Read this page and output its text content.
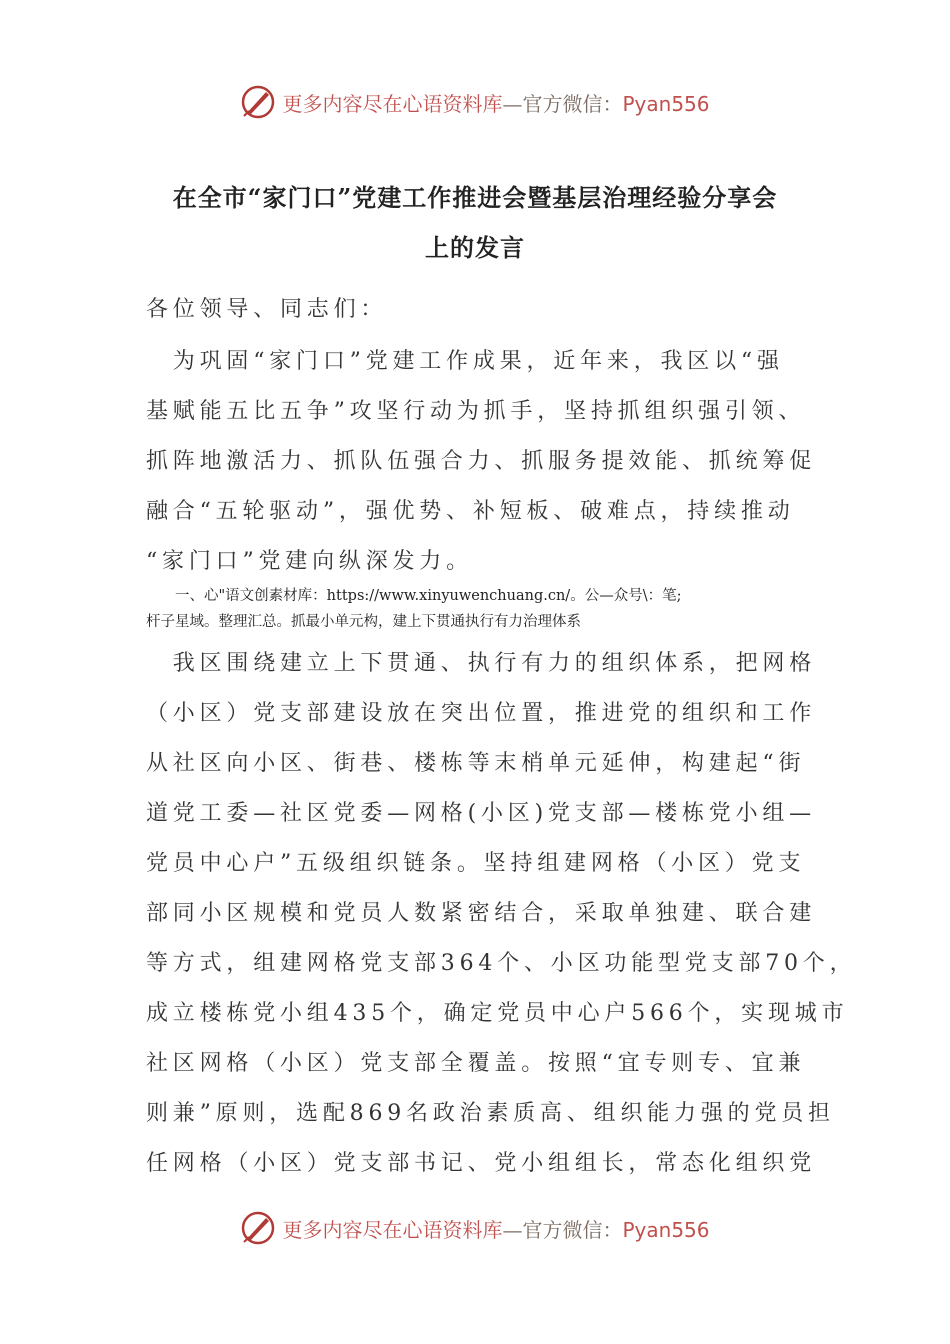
更多内容尽在心语资料库—官方微信：Pyan556
在全市“家门口”党建工作推进会暨基层治理经验分享会
上的发言
各位领导、同志们：
　为巩固“家门口”党建工作成果，近年来，我区以“强
基赋能五比五争”攻坚行动为抓手，坚持抓组织强引领、
抓阵地激活力、抓队伍强合力、抓服务提效能、抓统筹促
融合“五轮驱动”，强优势、补短板、破难点，持续推动
“家门口”党建向纵深发力。
　　一、心"语文创素材库：https://www.xinyuwenchuang.cn/。公—众号\：笔;
杆子星域。整理汇总。抓最小单元构，建上下贯通执行有力治理体系
　我区围绕建立上下贯通、执行有力的组织体系，把网格
（小区）党支部建设放在突出位置，推进党的组织和工作
从社区向小区、街巷、楼栋等末梢单元延伸，构建起“街
道党工委—社区党委—网格(小区)党支部—楼栋党小组—
党员中心户”五级组织链条。坚持组建网格（小区）党支
部同小区规模和党员人数紧密结合，采取单独建、联合建
等方式，组建网格党支部364个、小区功能型党支部70个，
成立楼栋党小组435个，确定党员中心户566个，实现城市
社区网格（小区）党支部全覆盖。按照“宜专则专、宜兼
则兼”原则，选配869名政治素质高、组织能力强的党员担
任网格（小区）党支部书记、党小组组长，常态化组织党
更多内容尽在心语资料库—官方微信：Pyan556
